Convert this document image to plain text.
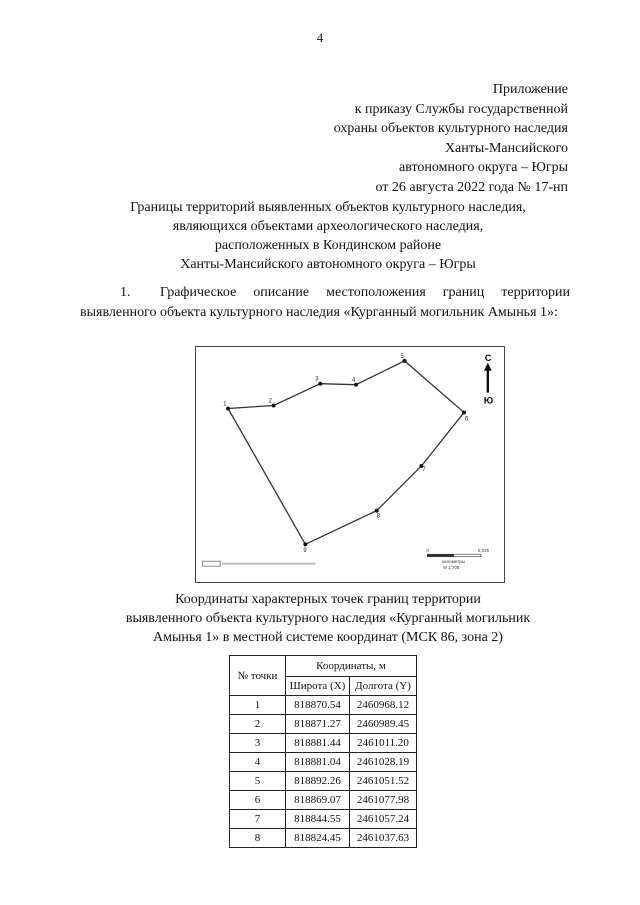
4
Приложение
к приказу Службы государственной
охраны объектов культурного наследия
Ханты-Мансийского
автономного округа – Югры
от 26 августа 2022 года № 17-нп
Границы территорий выявленных объектов культурного наследия,
являющихся объектами археологического наследия,
расположенных в Кондинском районе
Ханты-Мансийского автономного округа – Югры
1. Графическое описание местоположения границ территории выявленного объекта культурного наследия «Курганный могильник Амынья 1»:
1	2
3	4
5
6
7
8
9
С
Ю
0	0,025
километры
М 1:700
Координаты характерных точек границ территории
выявленного объекта культурного наследия «Курганный могильник
Амынья 1» в местной системе координат (МСК 86, зона 2)
№ точки	Координаты, м	
	Широта (X)	Долгота (Y)
1	818870.54	2460968.12
2	818871.27	2460989.45
3	818881.44	2461011.20
4	818881.04	2461028.19
5	818892.26	2461051.52
6	818869.07	2461077.98
7	818844.55	2461057.24
8	818824.45	2461037.63
